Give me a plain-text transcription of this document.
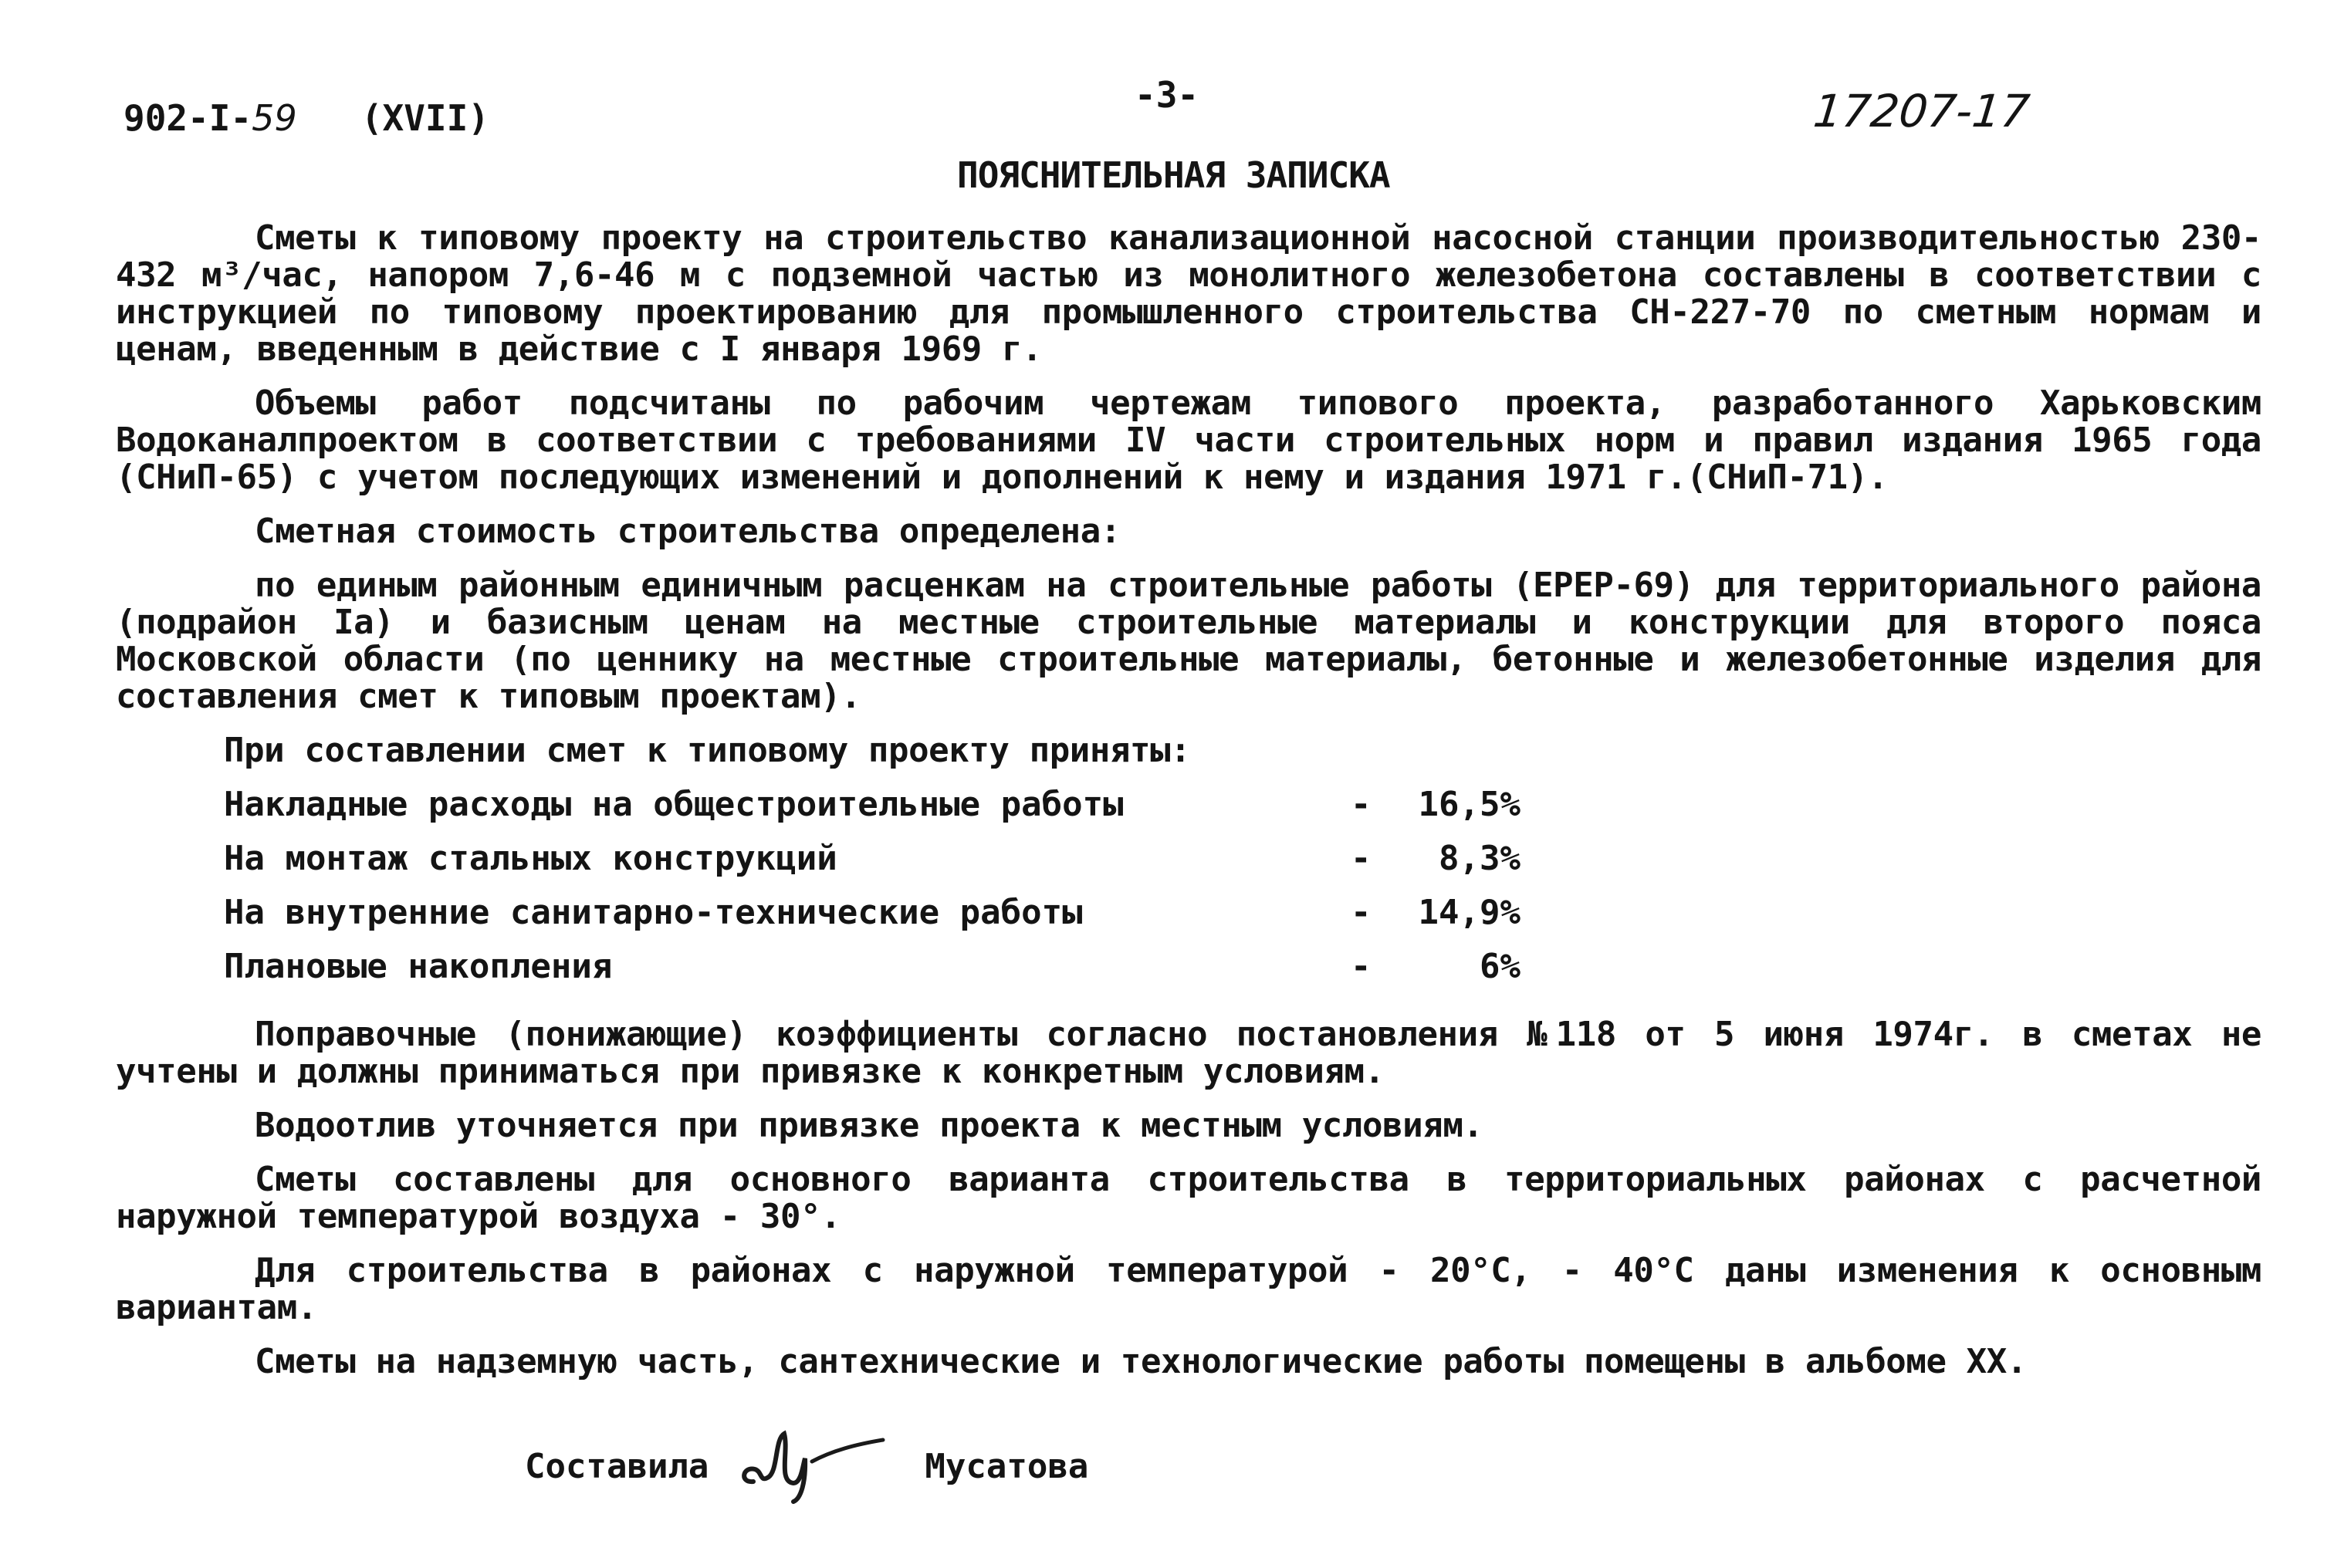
902-I-59 (XVII)
-3-	17207-17
ПОЯСНИТЕЛЬНАЯ ЗАПИСКА

Сметы к типовому проекту на строительство канализационной насосной станции производительностью 230-432 м³/час, напором 7,6-46 м с подземной частью из монолитного железобетона составлены в соответствии с инструкцией по типовому проектированию для промышленного строительства СН-227-70 по сметным нормам и ценам, введенным в действие с I января 1969 г.

Объемы работ подсчитаны по рабочим чертежам типового проекта, разработанного Харьковским Водоканалпроектом в соответствии с требованиями IV части строительных норм и правил издания 1965 года (СНиП-65) с учетом последующих изменений и дополнений к нему и издания 1971 г.(СНиП-71).

Сметная стоимость строительства определена:

по единым районным единичным расценкам на строительные работы (ЕРЕР-69) для территориального района (подрайон Iа) и базисным ценам на местные строительные материалы и конструкции для второго пояса Московской области (по ценнику на местные строительные материалы, бетонные и железобетонные изделия для составления смет к типовым проектам).

При составлении смет к типовому проекту приняты:

Накладные расходы на общестроительные работы	-	16,5%
На монтаж стальных конструкций	-	8,3%
На внутренние санитарно-технические работы	-	14,9%
Плановые накопления	-	6%

Поправочные (понижающие) коэффициенты согласно постановления №118 от 5 июня 1974г. в сметах не учтены и должны приниматься при привязке к конкретным условиям.

Водоотлив уточняется при привязке проекта к местным условиям.

Сметы составлены для основного варианта строительства в территориальных районах с расчетной наружной температурой воздуха - 30°.

Для строительства в районах с наружной температурой - 20°С, - 40°С даны изменения к основным вариантам.

Сметы на надземную часть, сантехнические и технологические работы помещены в альбоме XX.

Составила	Мусатова
